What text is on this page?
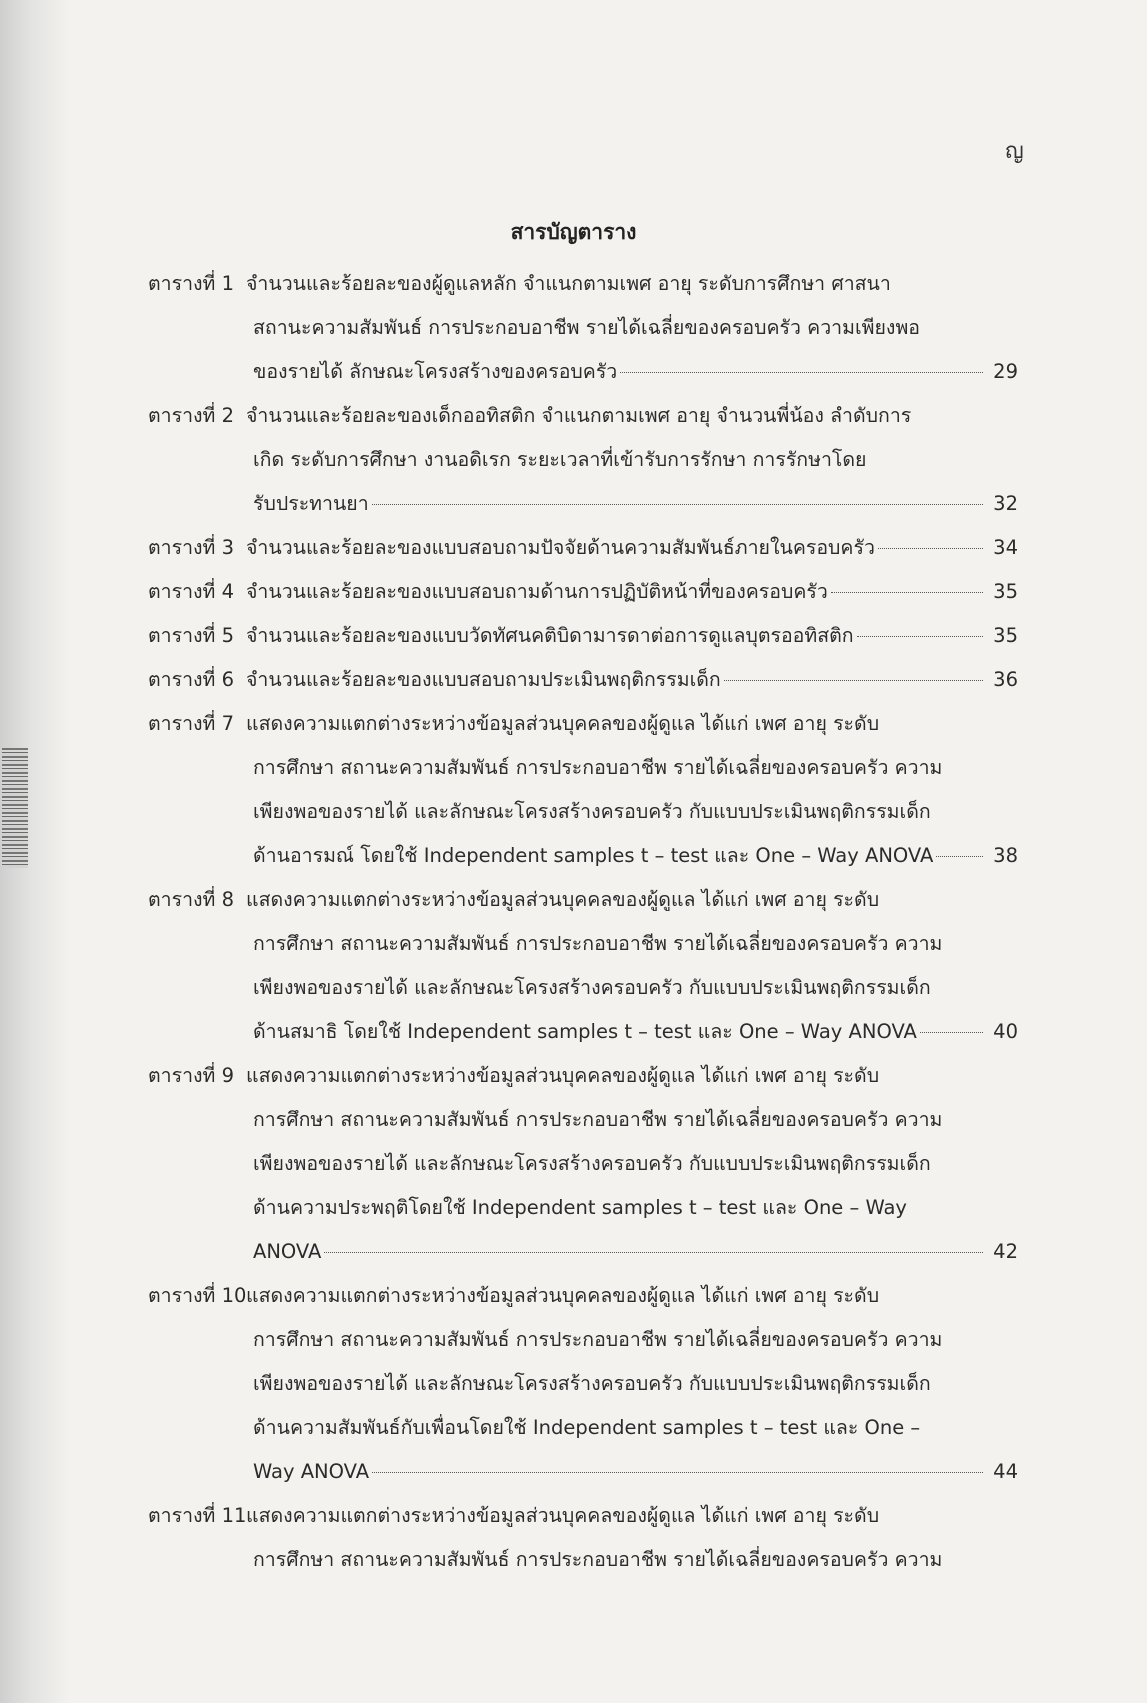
ญ
สารบัญตาราง
ตารางที่ 1 จำนวนและร้อยละของผู้ดูแลหลัก จำแนกตามเพศ อายุ ระดับการศึกษา ศาสนา
สถานะความสัมพันธ์ การประกอบอาชีพ รายได้เฉลี่ยของครอบครัว ความเพียงพอ
ของรายได้ ลักษณะโครงสร้างของครอบครัว	29
ตารางที่ 2 จำนวนและร้อยละของเด็กออทิสติก จำแนกตามเพศ อายุ จำนวนพี่น้อง ลำดับการ
เกิด ระดับการศึกษา งานอดิเรก ระยะเวลาที่เข้ารับการรักษา การรักษาโดย
รับประทานยา	32
ตารางที่ 3 จำนวนและร้อยละของแบบสอบถามปัจจัยด้านความสัมพันธ์ภายในครอบครัว	34
ตารางที่ 4 จำนวนและร้อยละของแบบสอบถามด้านการปฏิบัติหน้าที่ของครอบครัว	35
ตารางที่ 5 จำนวนและร้อยละของแบบวัดทัศนคติบิดามารดาต่อการดูแลบุตรออทิสติก	35
ตารางที่ 6 จำนวนและร้อยละของแบบสอบถามประเมินพฤติกรรมเด็ก	36
ตารางที่ 7 แสดงความแตกต่างระหว่างข้อมูลส่วนบุคคลของผู้ดูแล ได้แก่ เพศ อายุ ระดับ
การศึกษา สถานะความสัมพันธ์ การประกอบอาชีพ รายได้เฉลี่ยของครอบครัว ความ
เพียงพอของรายได้ และลักษณะโครงสร้างครอบครัว กับแบบประเมินพฤติกรรมเด็ก
ด้านอารมณ์ โดยใช้ Independent samples t – test และ One – Way ANOVA	38
ตารางที่ 8 แสดงความแตกต่างระหว่างข้อมูลส่วนบุคคลของผู้ดูแล ได้แก่ เพศ อายุ ระดับ
การศึกษา สถานะความสัมพันธ์ การประกอบอาชีพ รายได้เฉลี่ยของครอบครัว ความ
เพียงพอของรายได้ และลักษณะโครงสร้างครอบครัว กับแบบประเมินพฤติกรรมเด็ก
ด้านสมาธิ โดยใช้ Independent samples t – test และ One – Way ANOVA	40
ตารางที่ 9 แสดงความแตกต่างระหว่างข้อมูลส่วนบุคคลของผู้ดูแล ได้แก่ เพศ อายุ ระดับ
การศึกษา สถานะความสัมพันธ์ การประกอบอาชีพ รายได้เฉลี่ยของครอบครัว ความ
เพียงพอของรายได้ และลักษณะโครงสร้างครอบครัว กับแบบประเมินพฤติกรรมเด็ก
ด้านความประพฤติโดยใช้ Independent samples t – test และ One – Way
ANOVA	42
ตารางที่ 10 แสดงความแตกต่างระหว่างข้อมูลส่วนบุคคลของผู้ดูแล ได้แก่ เพศ อายุ ระดับ
การศึกษา สถานะความสัมพันธ์ การประกอบอาชีพ รายได้เฉลี่ยของครอบครัว ความ
เพียงพอของรายได้ และลักษณะโครงสร้างครอบครัว กับแบบประเมินพฤติกรรมเด็ก
ด้านความสัมพันธ์กับเพื่อนโดยใช้ Independent samples t – test และ One –
Way ANOVA	44
ตารางที่ 11 แสดงความแตกต่างระหว่างข้อมูลส่วนบุคคลของผู้ดูแล ได้แก่ เพศ อายุ ระดับ
การศึกษา สถานะความสัมพันธ์ การประกอบอาชีพ รายได้เฉลี่ยของครอบครัว ความ
